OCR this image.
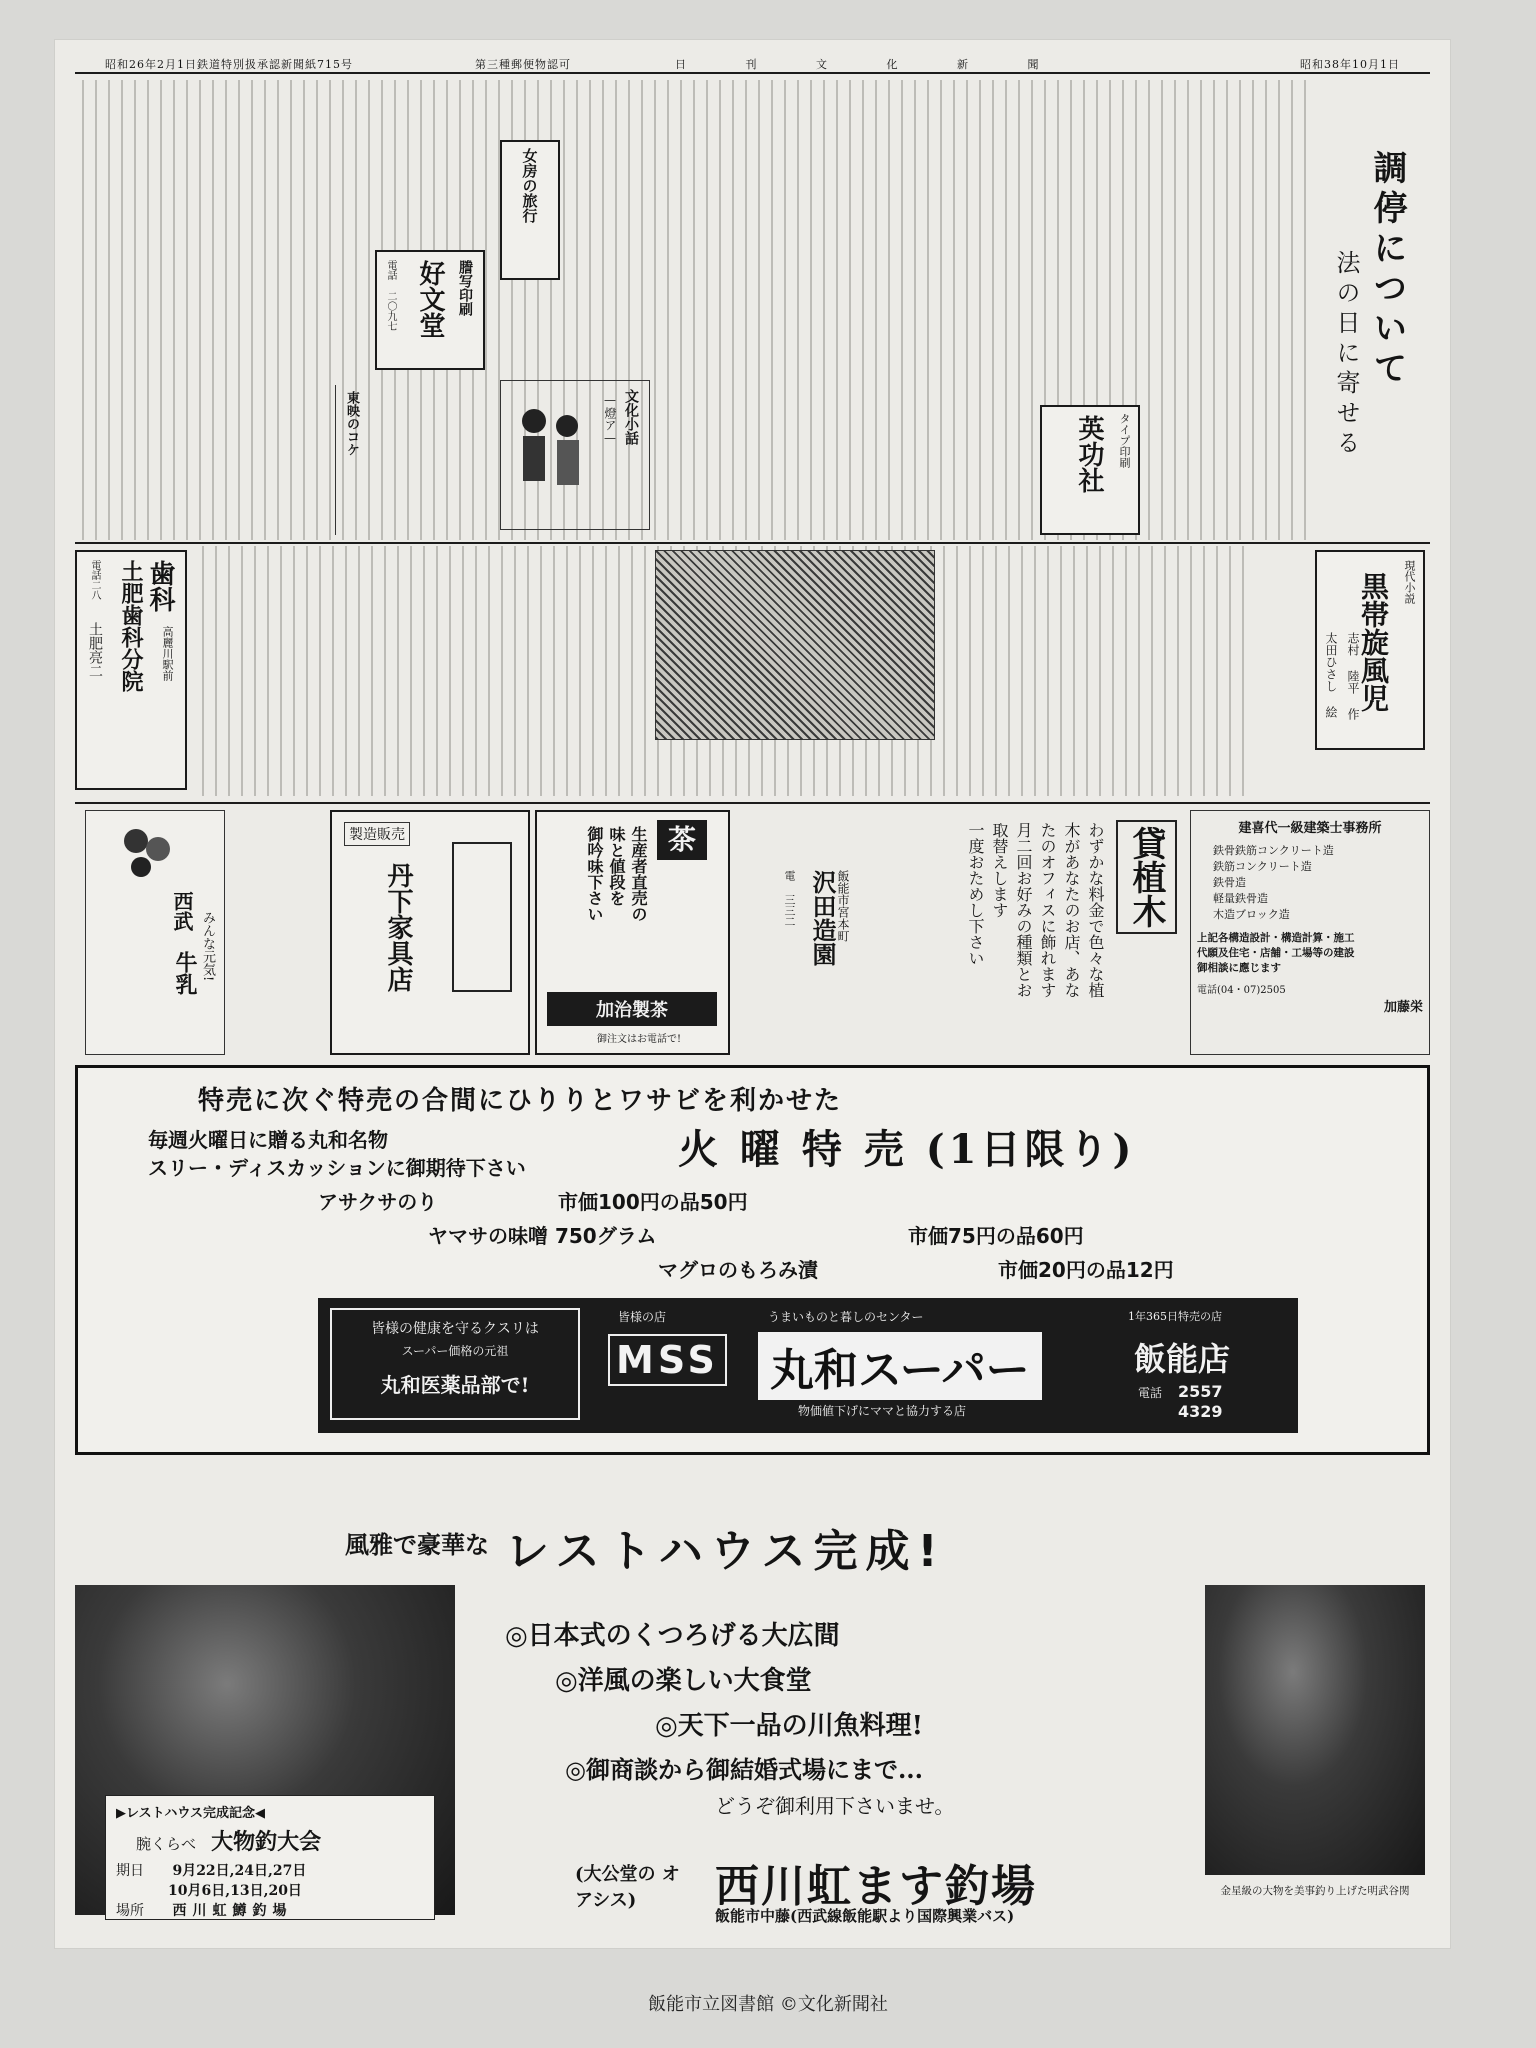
昭和26年2月1日鉄道特別扱承認新聞紙715号	第三種郵便物認可	日 刊 文 化 新 聞	昭和38年10月1日
調停について
法の日に寄せる
女房の旅行
謄写印刷
好文堂
電話 二〇九七
タイプ印刷
英功社
文化小話
—燈ア—
東映のコケ
歯科
高麗川駅前
土肥歯科分院
土肥亮二
電話二八	現代小説
黒帯旋風児
志村 陸平 作
太田ひさし 絵
西武
牛乳 みんな元気!
製造販売
丹下家具店
茶
生産者直売の
味と値段を
御吟味下さい
加治製茶
御注文はお電話で!
飯能市宮本町
沢田造園
電 三三二	貸植木
わずかな料金で色々な植
木があなたのお店、あな
たのオフィスに飾れます
月二回お好みの種類とお
取替えします
一度おためし下さい	建喜代一級建築士事務所
鉄骨鉄筋コンクリート造
鉄筋コンクリート造
鉄骨造
軽量鉄骨造
木造ブロック造
上記各構造設計・構造計算・施工
代願及住宅・店舗・工場等の建設
御相談に應じます
電話(04・07)2505
加藤栄
特売に次ぐ特売の合間にひりりとワサビを利かせた
毎週火曜日に贈る丸和名物
スリー・ディスカッションに御期待下さい	火 曜 特 売 (1日限り)
アサクサのり	市価100円の品50円
ヤマサの味噌 750グラム	市価75円の品60円
マグロのもろみ漬	市価20円の品12円
皆様の健康を守るクスリは
スーパー価格の元祖
丸和医薬品部で!
皆様の店	うまいものと暮しのセンター
MSS 丸和スーパー
物価値下げにママと協力する店
1年365日特売の店
飯能店
電話 2557
4329
風雅で豪華な レストハウス完成!
▶レストハウス完成記念◀
腕くらべ 大物釣大会
期日 9月22日,24日,27日
10月6日,13日,20日
場所 西川虹鱒釣場
◎日本式のくつろげる大広間
◎洋風の楽しい大食堂
◎天下一品の川魚料理!
◎御商談から御結婚式場にまで...
どうぞ御利用下さいませ。
(大公堂の オアシス)	西川虹ます釣場
飯能市中藤(西武線飯能駅より国際興業バス)
金星級の大物を美事釣り上げた明武谷関
飯能市立図書館 ©文化新聞社
